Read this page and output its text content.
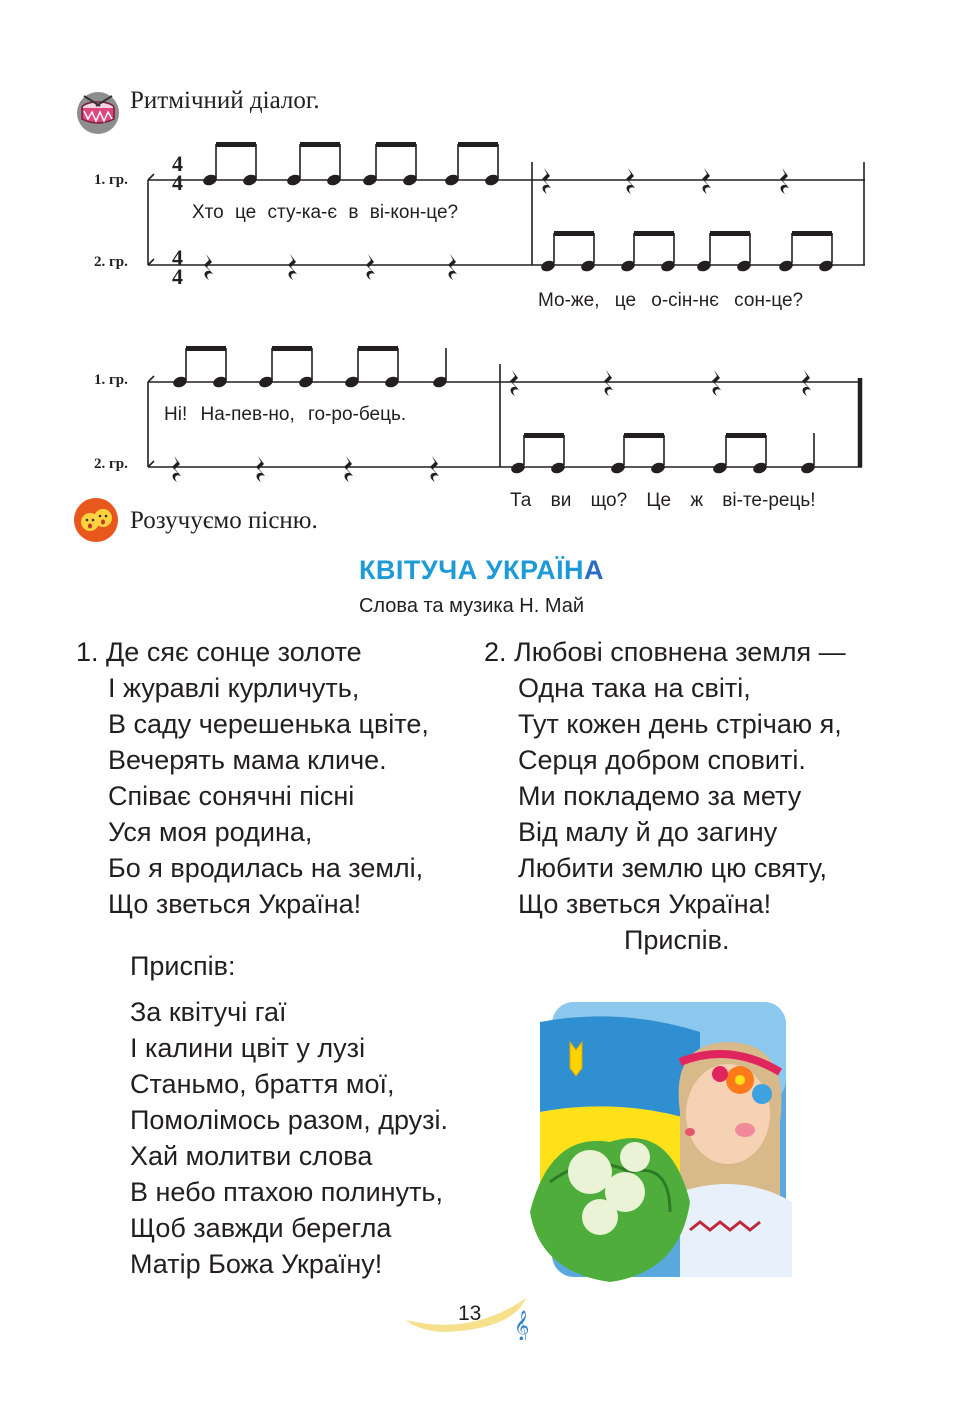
Ритмічний діалог.
1. гр.
2. гр.
4
4
4
4
Хто це сту-ка-є в ві-кон-це?
Мо-же, це о-сін-нє сон-це?
1. гр.
2. гр.
Ні! На-пев-но, го-ро-бець.
Та ви що? Це ж ві-те-рець!
Розучуємо пісню.
КВІТУЧА УКРАЇНА
Слова та музика Н. Май
1. Де сяє сонце золоте
І журавлі курличуть,
В саду черешенька цвіте,
Вечерять мама кличе.
Співає сонячні пісні
Уся моя родина,
Бо я вродилась на землі,
Що зветься Україна!
2. Любові сповнена земля —
Одна така на світі,
Тут кожен день стрічаю я,
Серця добром сповиті.
Ми покладемо за мету
Від малу й до загину
Любити землю цю святу,
Що зветься Україна!
Приспів.
Приспів:
За квітучі гаї
І калини цвіт у лузі
Станьмо, браття мої,
Помолімось разом, друзі.
Хай молитви слова
В небо птахою полинуть,
Щоб завжди берегла
Матір Божа Україну!
𝄞
13
